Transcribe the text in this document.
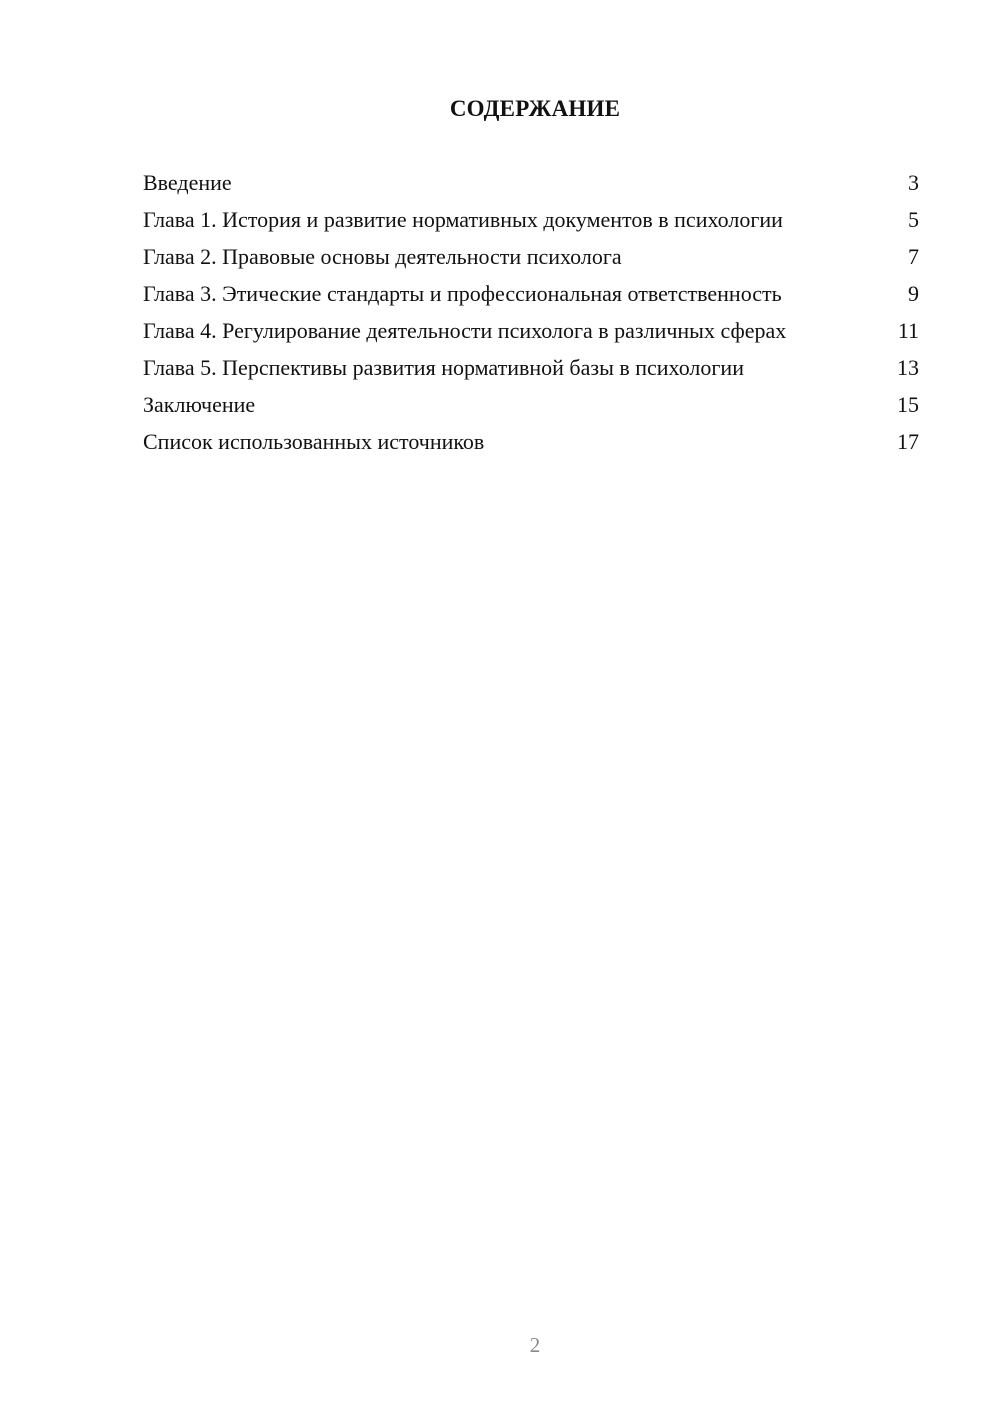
СОДЕРЖАНИЕ
Введение	3
Глава 1. История и развитие нормативных документов в психологии	5
Глава 2. Правовые основы деятельности психолога	7
Глава 3. Этические стандарты и профессиональная ответственность	9
Глава 4. Регулирование деятельности психолога в различных сферах	11
Глава 5. Перспективы развития нормативной базы в психологии	13
Заключение	15
Список использованных источников	17
2
